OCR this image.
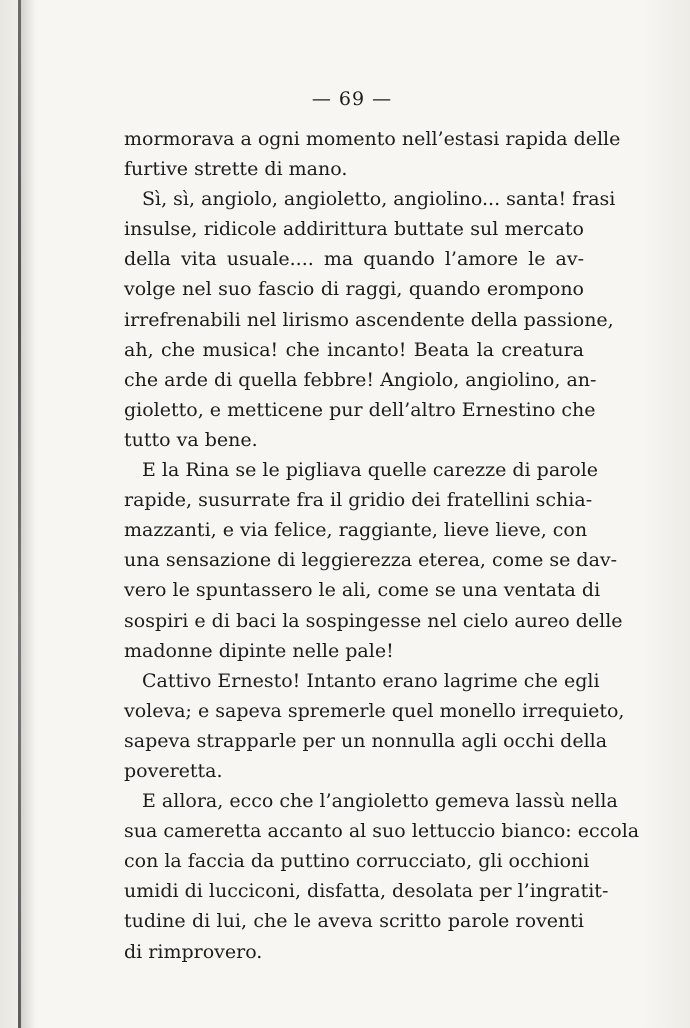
— 69 —
mormorava a ogni momento nell’estasi rapida delle
furtive strette di mano.
Sì, sì, angiolo, angioletto, angiolino... santa! frasi
insulse, ridicole addirittura buttate sul mercato
della vita usuale.... ma quando l’amore le av-
volge nel suo fascio di raggi, quando erompono
irrefrenabili nel lirismo ascendente della passione,
ah, che musica! che incanto! Beata la creatura
che arde di quella febbre! Angiolo, angiolino, an-
gioletto, e metticene pur dell’altro Ernestino che
tutto va bene.
E la Rina se le pigliava quelle carezze di parole
rapide, susurrate fra il gridio dei fratellini schia-
mazzanti, e via felice, raggiante, lieve lieve, con
una sensazione di leggierezza eterea, come se dav-
vero le spuntassero le ali, come se una ventata di
sospiri e di baci la sospingesse nel cielo aureo delle
madonne dipinte nelle pale!
Cattivo Ernesto! Intanto erano lagrime che egli
voleva; e sapeva spremerle quel monello irrequieto,
sapeva strapparle per un nonnulla agli occhi della
poveretta.
E allora, ecco che l’angioletto gemeva lassù nella
sua cameretta accanto al suo lettuccio bianco: eccola
con la faccia da puttino corrucciato, gli occhioni
umidi di lucciconi, disfatta, desolata per l’ingratit-
tudine di lui, che le aveva scritto parole roventi
di rimprovero.
